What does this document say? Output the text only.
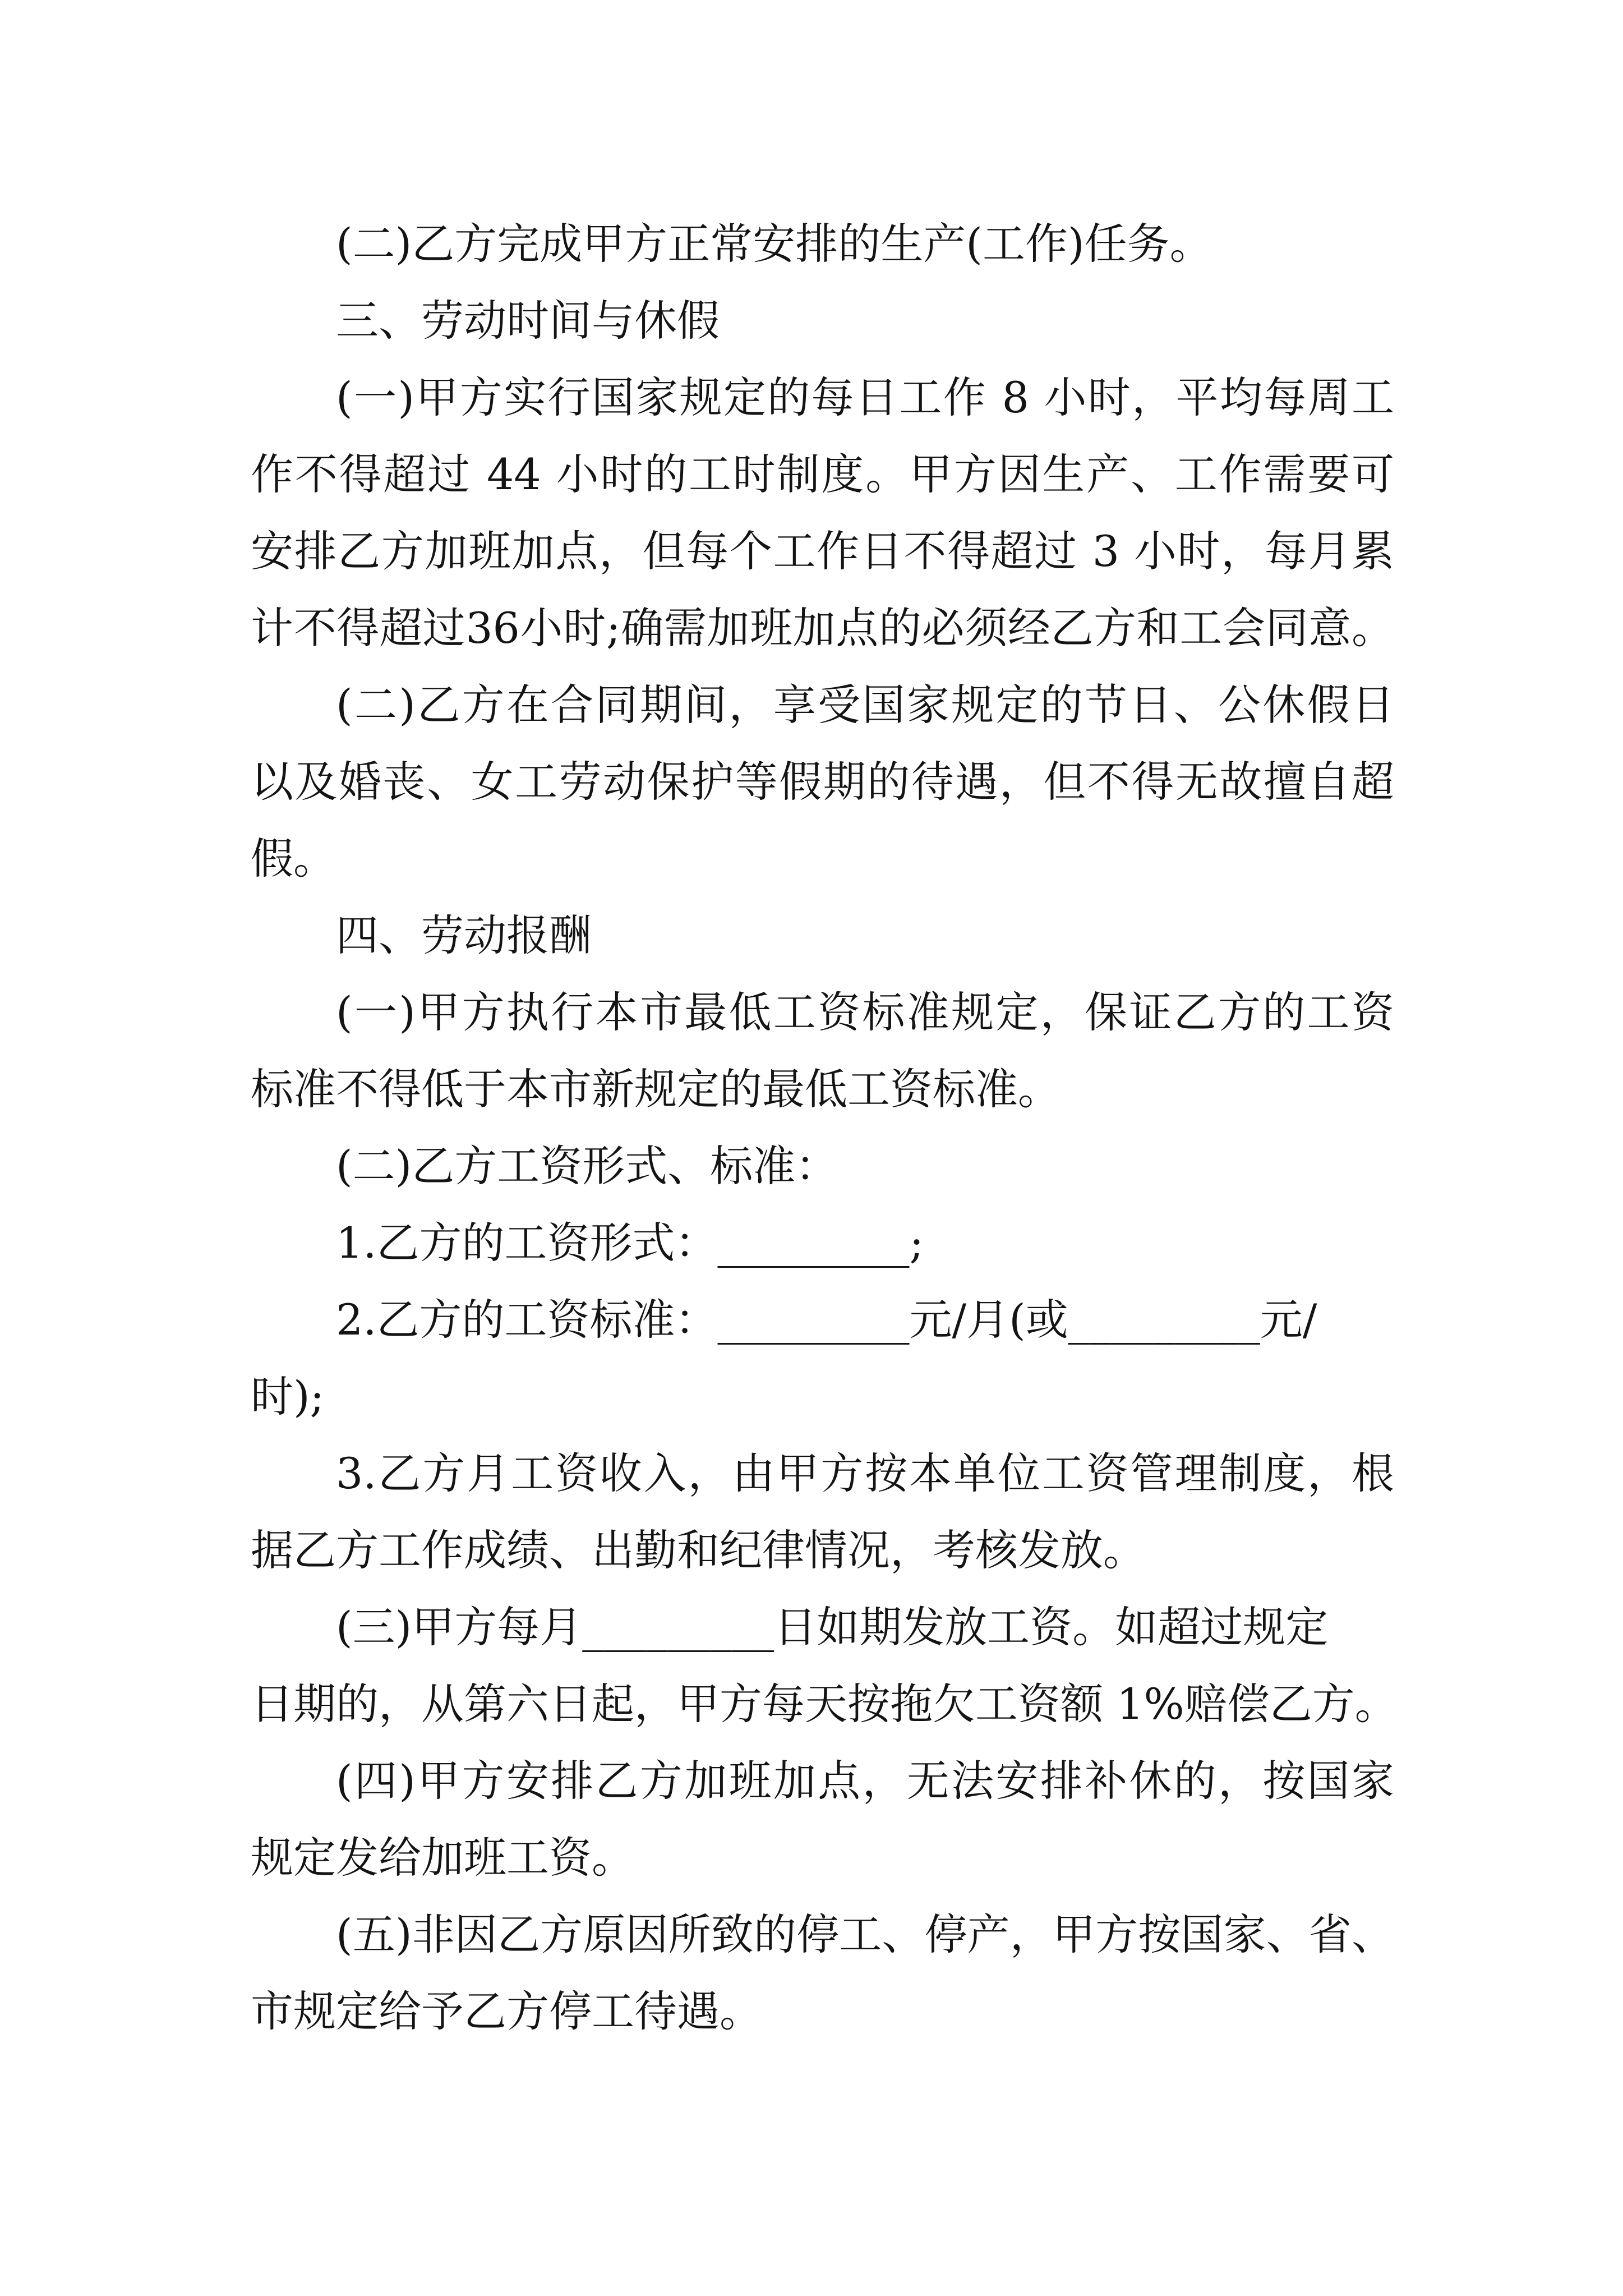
(二)乙方完成甲方正常安排的生产(工作)任务。
三、劳动时间与休假
(一)甲方实行国家规定的每日工作 8 小时，平均每周工
作不得超过 44 小时的工时制度。甲方因生产、工作需要可
安排乙方加班加点，但每个工作日不得超过 3 小时，每月累
计不得超过36小时;确需加班加点的必须经乙方和工会同意。
(二)乙方在合同期间，享受国家规定的节日、公休假日
以及婚丧、女工劳动保护等假期的待遇，但不得无故擅自超
假。
四、劳动报酬
(一)甲方执行本市最低工资标准规定，保证乙方的工资
标准不得低于本市新规定的最低工资标准。
(二)乙方工资形式、标准：
1.乙方的工资形式：_________;
2.乙方的工资标准：_________元/月(或_________元/
时);
3.乙方月工资收入，由甲方按本单位工资管理制度，根
据乙方工作成绩、出勤和纪律情况，考核发放。
(三)甲方每月_________日如期发放工资。如超过规定
日期的，从第六日起，甲方每天按拖欠工资额 1%赔偿乙方。
(四)甲方安排乙方加班加点，无法安排补休的，按国家
规定发给加班工资。
(五)非因乙方原因所致的停工、停产，甲方按国家、省、
市规定给予乙方停工待遇。
